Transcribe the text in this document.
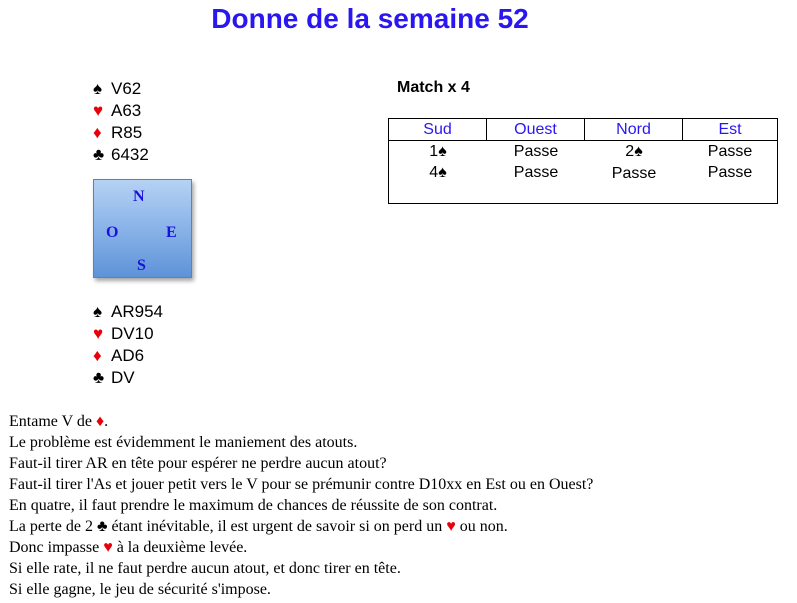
Donne de la semaine 52
♠ V62
♥ A63
♦ R85
♣ 6432
N
O	E
S
♠ AR954
♥ DV10
♦ AD6
♣ DV
Match x 4
Sud	Ouest	Nord	Est
1♠	Passe	2♠	Passe
4♠	Passe	Passe	Passe
Entame V de ♦.
Le problème est évidemment le maniement des atouts.
Faut-il tirer AR en tête pour espérer ne perdre aucun atout?
Faut-il tirer l'As et jouer petit vers le V pour se prémunir contre D10xx en Est ou en Ouest?
En quatre, il faut prendre le maximum de chances de réussite de son contrat.
La perte de 2 ♣ étant inévitable, il est urgent de savoir si on perd un ♥ ou non.
Donc impasse ♥ à la deuxième levée.
Si elle rate, il ne faut perdre aucun atout, et donc tirer en tête.
Si elle gagne, le jeu de sécurité s'impose.
